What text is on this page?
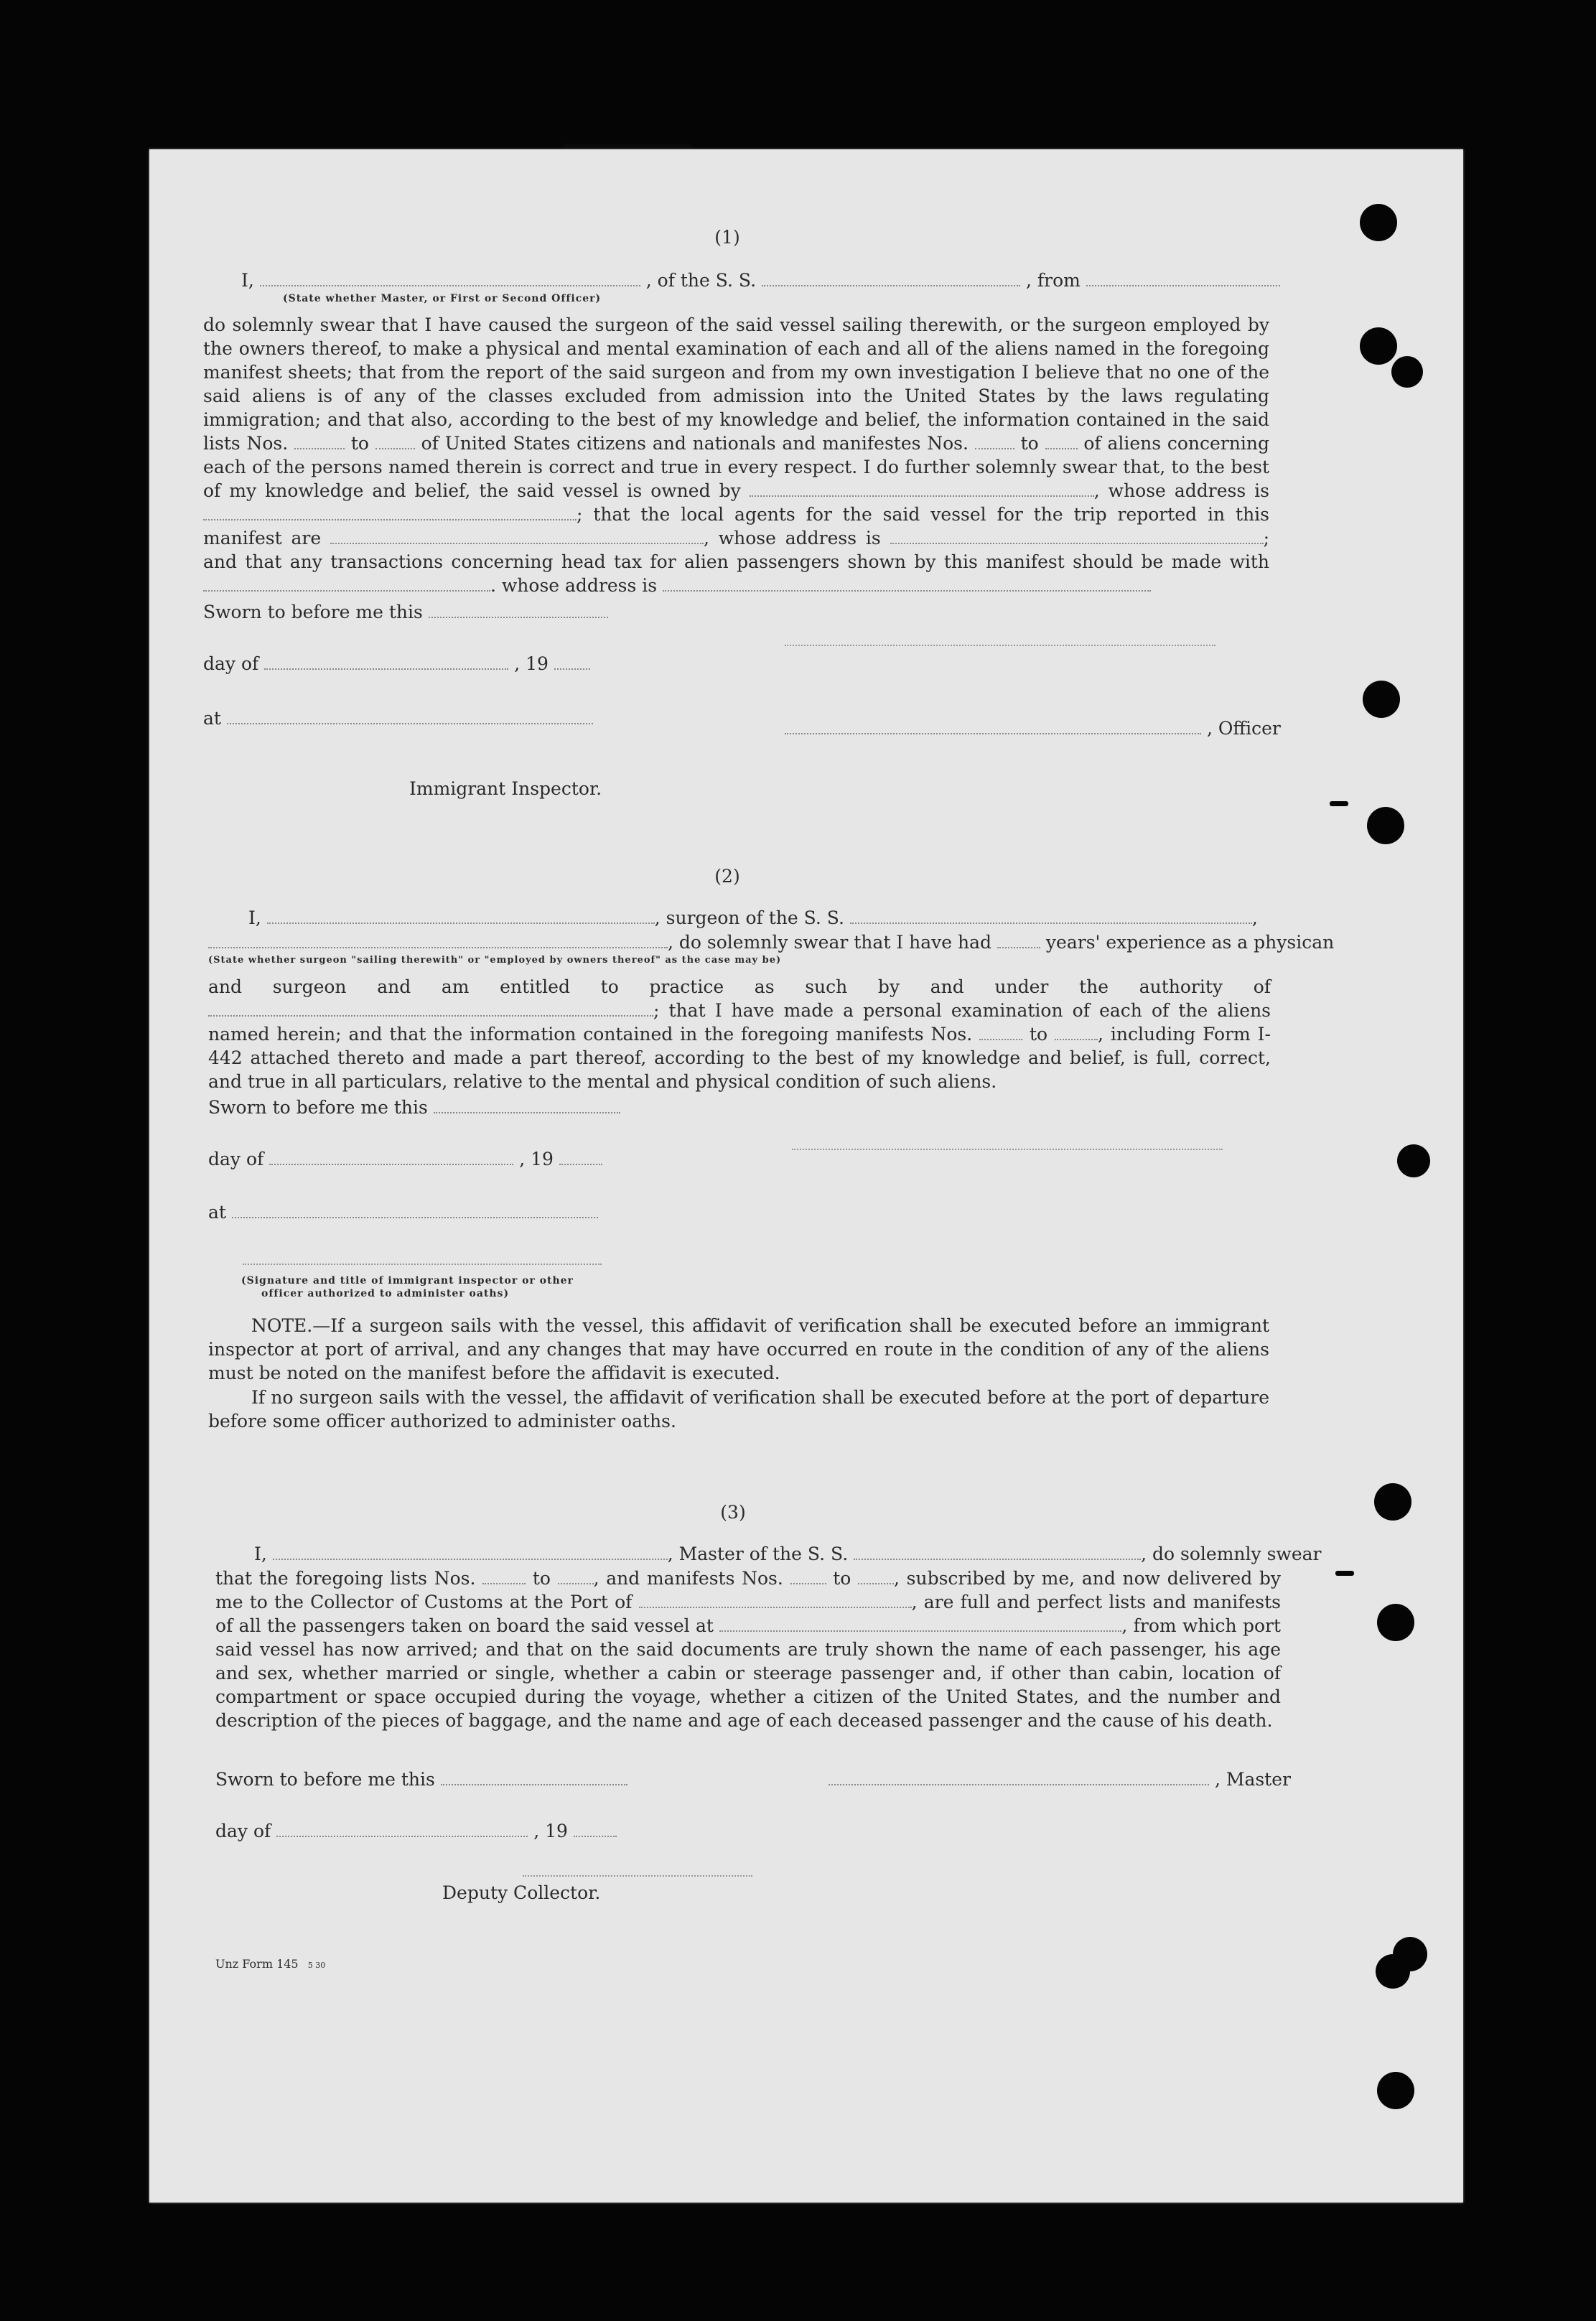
(1)
I,	, of the S. S.	, from
(State whether Master, or First or Second Officer)
do solemnly swear that I have caused the surgeon of the said vessel sailing therewith, or the surgeon employed by the owners thereof, to make a physical and mental examination of each and all of the aliens named in the foregoing manifest sheets; that from the report of the said surgeon and from my own investigation I believe that no one of the said aliens is of any of the classes excluded from admission into the United States by the laws regulating immigration; and that also, according to the best of my knowledge and belief, the information contained in the said lists Nos.	to	of United States citizens and nationals and manifestes Nos.	to	of aliens concerning each of the persons named therein is correct and true in every respect. I do further solemnly swear that, to the best of my knowledge and belief, the said vessel is owned by	, whose address is ; that the local agents for the said vessel for the trip reported in this manifest are	, whose address is	; and that any transactions concerning head tax for alien passengers shown by this manifest should be made with . whose address is
Sworn to before me this
day of	, 19
at	, Officer
Immigrant Inspector.
(2)
I,	, surgeon of the S. S.	,
, do solemnly swear that I have had	years' experience as a physican
(State whether surgeon "sailing therewith" or "employed by owners thereof" as the case may be)
and surgeon and am entitled to practice as such by and under the authority of ; that I have made a personal examination of each of the aliens named herein; and that the information contained in the foregoing manifests Nos.	to	, including Form I-442 attached thereto and made a part thereof, according to the best of my knowledge and belief, is full, correct, and true in all particulars, relative to the mental and physical condition of such aliens.
Sworn to before me this
day of	, 19
at
(Signature and title of immigrant inspector or other
officer authorized to administer oaths)
NOTE.—If a surgeon sails with the vessel, this affidavit of verification shall be executed before an immigrant inspector at port of arrival, and any changes that may have occurred en route in the condition of any of the aliens must be noted on the manifest before the affidavit is executed.
If no surgeon sails with the vessel, the affidavit of verification shall be executed before at the port of departure before some officer authorized to administer oaths.
(3)
I,	, Master of the S. S.	, do solemnly swear
that the foregoing lists Nos.	to , and manifests Nos.	to , subscribed by me, and now delivered by me to the Collector of Customs at the Port of	, are full and perfect lists and manifests of all the passengers taken on board the said vessel at	, from which port said vessel has now arrived; and that on the said documents are truly shown the name of each passenger, his age and sex, whether married or single, whether a cabin or steerage passenger and, if other than cabin, location of compartment or space occupied during the voyage, whether a citizen of the United States, and the number and description of the pieces of baggage, and the name and age of each deceased passenger and the cause of his death.
Sworn to before me this	, Master
day of	, 19
Deputy Collector.
Unz Form 145 5 30
